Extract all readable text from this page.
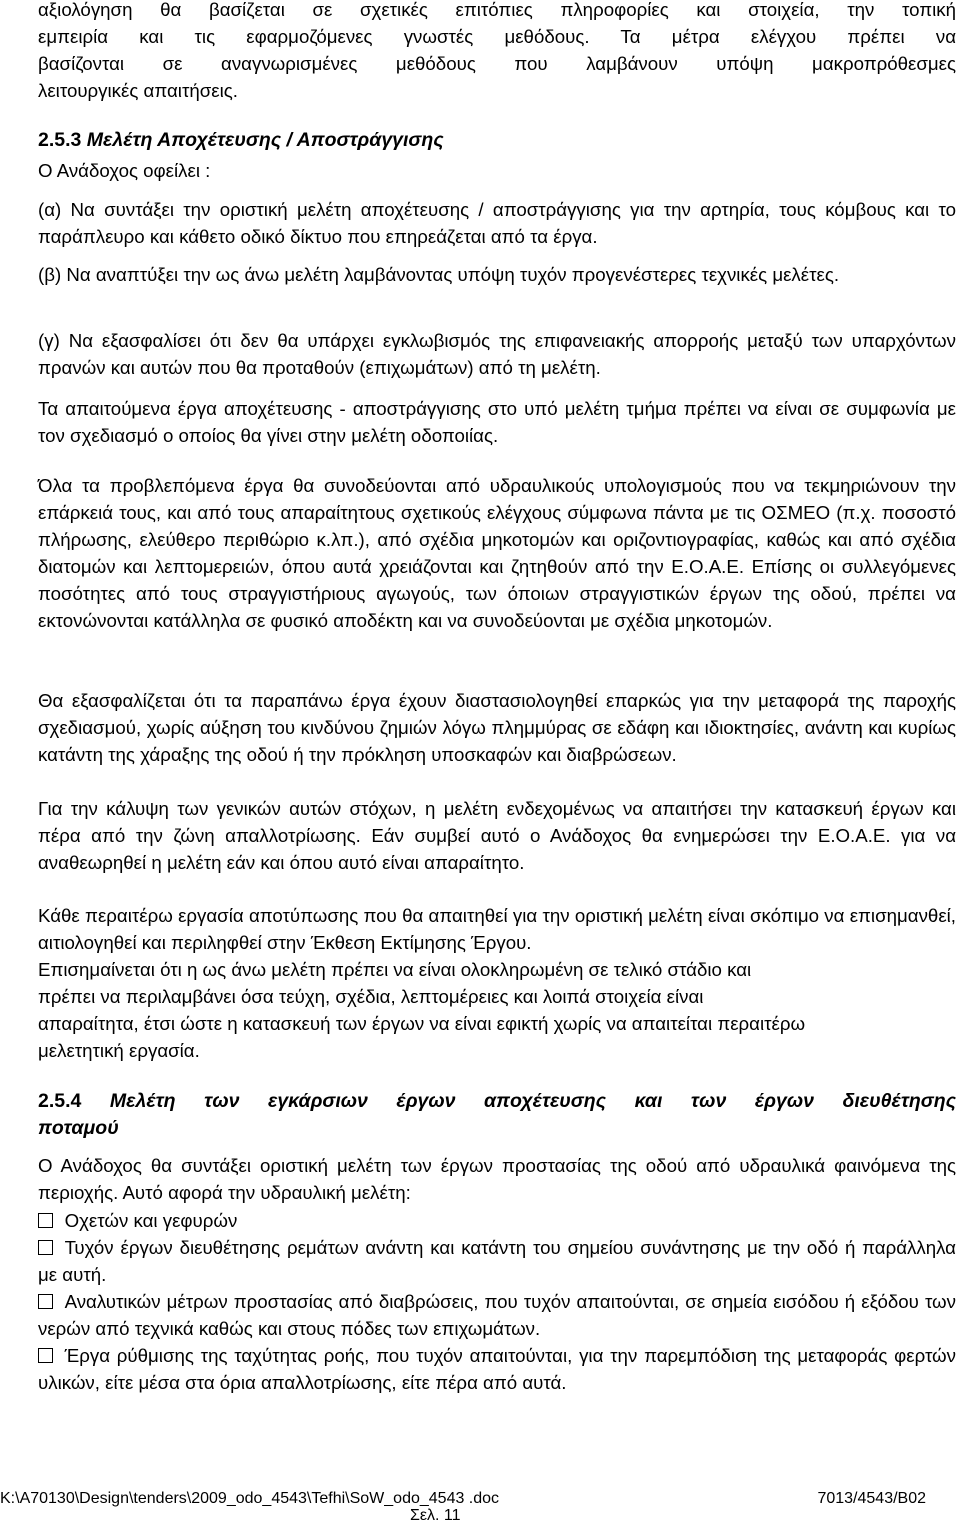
αξιολόγηση θα βασίζεται σε σχετικές επιτόπιες πληροφορίες και στοιχεία, την τοπική

εμπειρία και τις εφαρμοζόμενες γνωστές μεθόδους. Τα μέτρα ελέγχου πρέπει να

βασίζονται σε αναγνωρισμένες μεθόδους που λαμβάνουν υπόψη μακροπρόθεσμες

λειτουργικές απαιτήσεις.

2.5.3 Μελέτη Αποχέτευσης / Αποστράγγισης

Ο Ανάδοχος οφείλει :

(α) Να συντάξει την οριστική μελέτη αποχέτευσης / αποστράγγισης για την αρτηρία, τους κόμβους και το παράπλευρο και κάθετο οδικό δίκτυο που επηρεάζεται από τα έργα.

(β) Να αναπτύξει την ως άνω μελέτη λαμβάνοντας υπόψη τυχόν προγενέστερες τεχνικές μελέτες.

(γ) Να εξασφαλίσει ότι δεν θα υπάρχει εγκλωβισμός της επιφανειακής απορροής μεταξύ των υπαρχόντων πρανών και αυτών που θα προταθούν (επιχωμάτων) από τη μελέτη.

Τα απαιτούμενα έργα αποχέτευσης - αποστράγγισης στο υπό μελέτη τμήμα πρέπει να είναι σε συμφωνία με τον σχεδιασμό ο οποίος θα γίνει στην μελέτη οδοποιίας.

Όλα τα προβλεπόμενα έργα θα συνοδεύονται από υδραυλικούς υπολογισμούς που να τεκμηριώνουν την επάρκειά τους, και από τους απαραίτητους σχετικούς ελέγχους σύμφωνα πάντα με τις ΟΣΜΕΟ (π.χ. ποσοστό πλήρωσης, ελεύθερο περιθώριο κ.λπ.), από σχέδια μηκοτομών και οριζοντιογραφίας, καθώς και από σχέδια διατομών και λεπτομερειών, όπου αυτά χρειάζονται και ζητηθούν από την Ε.Ο.Α.Ε. Επίσης οι συλλεγόμενες ποσότητες από τους στραγγιστήριους αγωγούς, των όποιων στραγγιστικών έργων της οδού, πρέπει να εκτονώνονται κατάλληλα σε φυσικό αποδέκτη και να συνοδεύονται με σχέδια μηκοτομών.

Θα εξασφαλίζεται ότι τα παραπάνω έργα έχουν διαστασιολογηθεί επαρκώς για την μεταφορά της παροχής σχεδιασμού, χωρίς αύξηση του κινδύνου ζημιών λόγω πλημμύρας σε εδάφη και ιδιοκτησίες, ανάντη και κυρίως κατάντη της χάραξης της οδού ή την πρόκληση υποσκαφών και διαβρώσεων.

Για την κάλυψη των γενικών αυτών στόχων, η μελέτη ενδεχομένως να απαιτήσει την κατασκευή έργων και πέρα από την ζώνη απαλλοτρίωσης. Εάν συμβεί αυτό ο Ανάδοχος θα ενημερώσει την Ε.Ο.Α.Ε. για να αναθεωρηθεί η μελέτη εάν και όπου αυτό είναι απαραίτητο.

Κάθε περαιτέρω εργασία αποτύπωσης που θα απαιτηθεί για την οριστική μελέτη είναι σκόπιμο να επισημανθεί, αιτιολογηθεί και περιληφθεί στην Έκθεση Εκτίμησης Έργου.

Επισημαίνεται ότι η ως άνω μελέτη πρέπει να είναι ολοκληρωμένη σε τελικό στάδιο και

πρέπει να περιλαμβάνει όσα τεύχη, σχέδια, λεπτομέρειες και λοιπά στοιχεία είναι

απαραίτητα, έτσι ώστε η κατασκευή των έργων να είναι εφικτή χωρίς να απαιτείται περαιτέρω

μελετητική εργασία.

2.5.4 Μελέτη των εγκάρσιων έργων αποχέτευσης και των έργων διευθέτησης

ποταμού

Ο Ανάδοχος θα συντάξει οριστική μελέτη των έργων προστασίας της οδού από υδραυλικά φαινόμενα της περιοχής. Αυτό αφορά την υδραυλική μελέτη:

Οχετών και γεφυρών

Τυχόν έργων διευθέτησης ρεμάτων ανάντη και κατάντη του σημείου συνάντησης με την οδό ή παράλληλα με αυτή.

Αναλυτικών μέτρων προστασίας από διαβρώσεις, που τυχόν απαιτούνται, σε σημεία εισόδου ή εξόδου των νερών από τεχνικά καθώς και στους πόδες των επιχωμάτων.

Έργα ρύθμισης της ταχύτητας ροής, που τυχόν απαιτούνται, για την παρεμπόδιση της μεταφοράς φερτών υλικών, είτε μέσα στα όρια απαλλοτρίωσης, είτε πέρα από αυτά.

K:\A70130\Design\tenders\2009_odo_4543\Tefhi\SoW_odo_4543 .doc	7013/4543/B02
Σελ. 11
